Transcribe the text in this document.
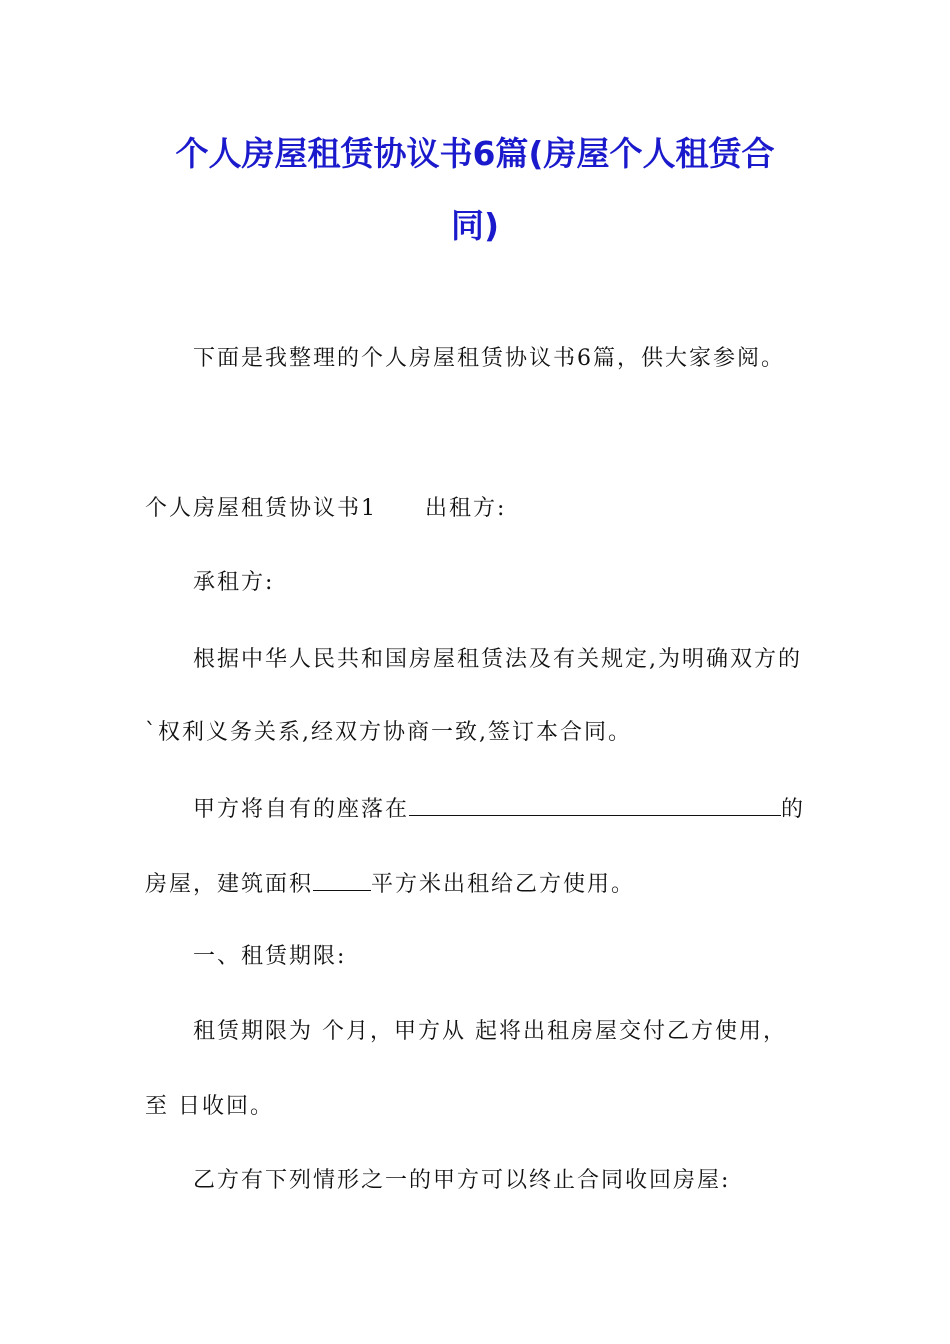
个人房屋租赁协议书6篇(房屋个人租赁合
同)
下面是我整理的个人房屋租赁协议书6篇，供大家参阅。
个人房屋租赁协议书1 出租方:
承租方:
根据中华人民共和国房屋租赁法及有关规定,为明确双方的
`权利义务关系,经双方协商一致,签订本合同。
甲方将自有的座落在	的
房屋，建筑面积	平方米出租给乙方使用。
一、租赁期限:
租赁期限为 个月，甲方从 起将出租房屋交付乙方使用，
至 日收回。
乙方有下列情形之一的甲方可以终止合同收回房屋:
